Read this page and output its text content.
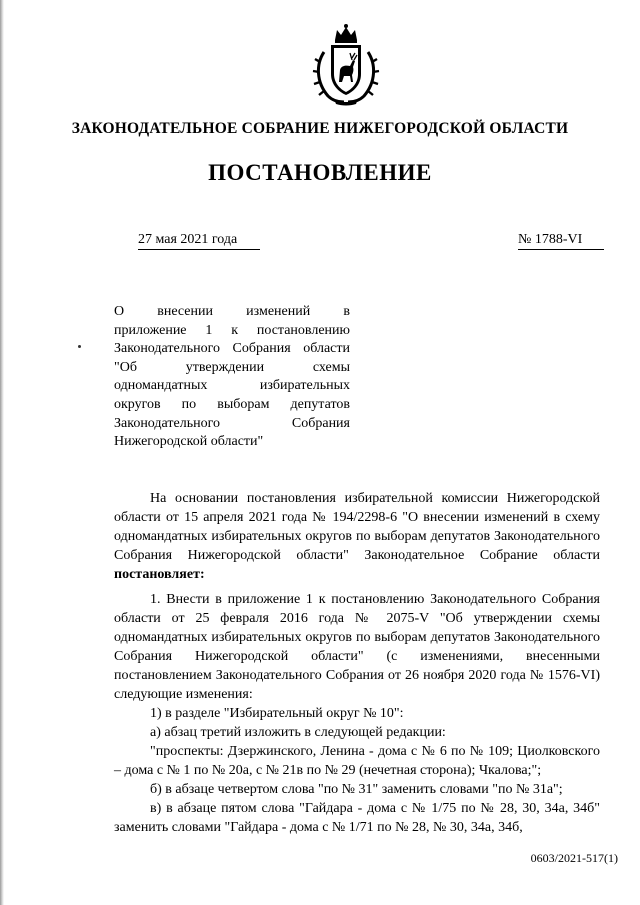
ЗАКОНОДАТЕЛЬНОЕ СОБРАНИЕ НИЖЕГОРОДСКОЙ ОБЛАСТИ
ПОСТАНОВЛЕНИЕ
27 мая 2021 года	№ 1788-VI
О внесении изменений в
приложение 1 к постановлению
Законодательного Собрания области
"Об утверждении схемы
одномандатных избирательных
округов по выборам депутатов
Законодательного Собрания
Нижегородской области"

На основании постановления избирательной комиссии Нижегородской области от 15 апреля 2021 года № 194/2298-6 "О внесении изменений в схему одномандатных избирательных округов по выборам депутатов Законодательного Собрания Нижегородской области" Законодательное Собрание области постановляет:

1. Внести в приложение 1 к постановлению Законодательного Собрания области от 25 февраля 2016 года № 2075-V "Об утверждении схемы одномандатных избирательных округов по выборам депутатов Законодательного Собрания Нижегородской области" (с изменениями, внесенными постановлением Законодательного Собрания от 26 ноября 2020 года № 1576-VI) следующие изменения:

1) в разделе "Избирательный округ № 10":

а) абзац третий изложить в следующей редакции:

"проспекты: Дзержинского, Ленина - дома с № 6 по № 109; Циолковского – дома с № 1 по № 20а, с № 21в по № 29 (нечетная сторона); Чкалова;";

б) в абзаце четвертом слова "по № 31" заменить словами "по № 31а";

в) в абзаце пятом слова "Гайдара - дома с № 1/75 по № 28, 30, 34а, 34б" заменить словами "Гайдара - дома с № 1/71 по № 28, № 30, 34а, 34б,

0603/2021-517(1)
